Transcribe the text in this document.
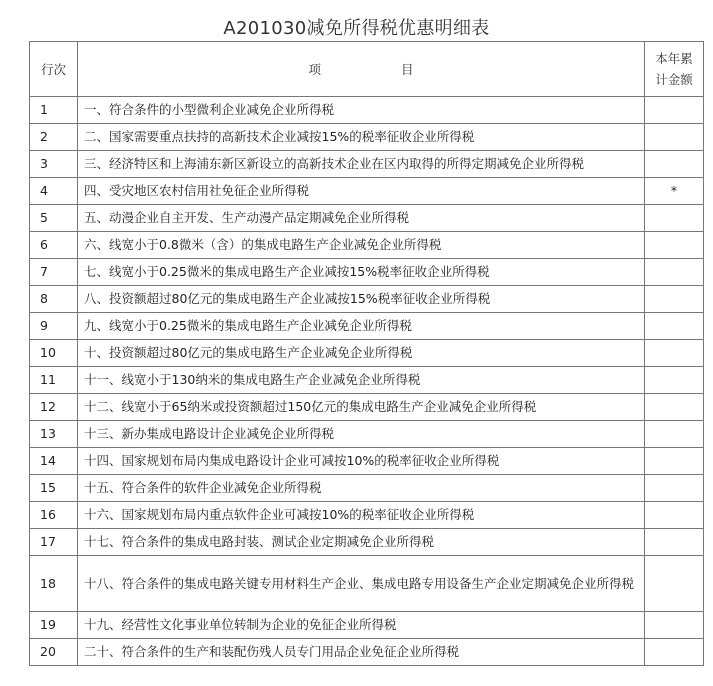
A201030减免所得税优惠明细表
行次	项 目	本年累
计金额

1	一、符合条件的小型微利企业减免企业所得税	
2	二、国家需要重点扶持的高新技术企业减按15%的税率征收企业所得税	
3	三、经济特区和上海浦东新区新设立的高新技术企业在区内取得的所得定期减免企业所得税	
4	四、受灾地区农村信用社免征企业所得税	*
5	五、动漫企业自主开发、生产动漫产品定期减免企业所得税	
6	六、线宽小于0.8微米（含）的集成电路生产企业减免企业所得税	
7	七、线宽小于0.25微米的集成电路生产企业减按15%税率征收企业所得税	
8	八、投资额超过80亿元的集成电路生产企业减按15%税率征收企业所得税	
9	九、线宽小于0.25微米的集成电路生产企业减免企业所得税	
10	十、投资额超过80亿元的集成电路生产企业减免企业所得税	
11	十一、线宽小于130纳米的集成电路生产企业减免企业所得税	
12	十二、线宽小于65纳米或投资额超过150亿元的集成电路生产企业减免企业所得税	
13	十三、新办集成电路设计企业减免企业所得税	
14	十四、国家规划布局内集成电路设计企业可减按10%的税率征收企业所得税	
15	十五、符合条件的软件企业减免企业所得税	
16	十六、国家规划布局内重点软件企业可减按10%的税率征收企业所得税	
17	十七、符合条件的集成电路封装、测试企业定期减免企业所得税	
18	十八、符合条件的集成电路关键专用材料生产企业、集成电路专用设备生产企业定期减免企业所得税	
19	十九、经营性文化事业单位转制为企业的免征企业所得税	
20	二十、符合条件的生产和装配伤残人员专门用品企业免征企业所得税	
